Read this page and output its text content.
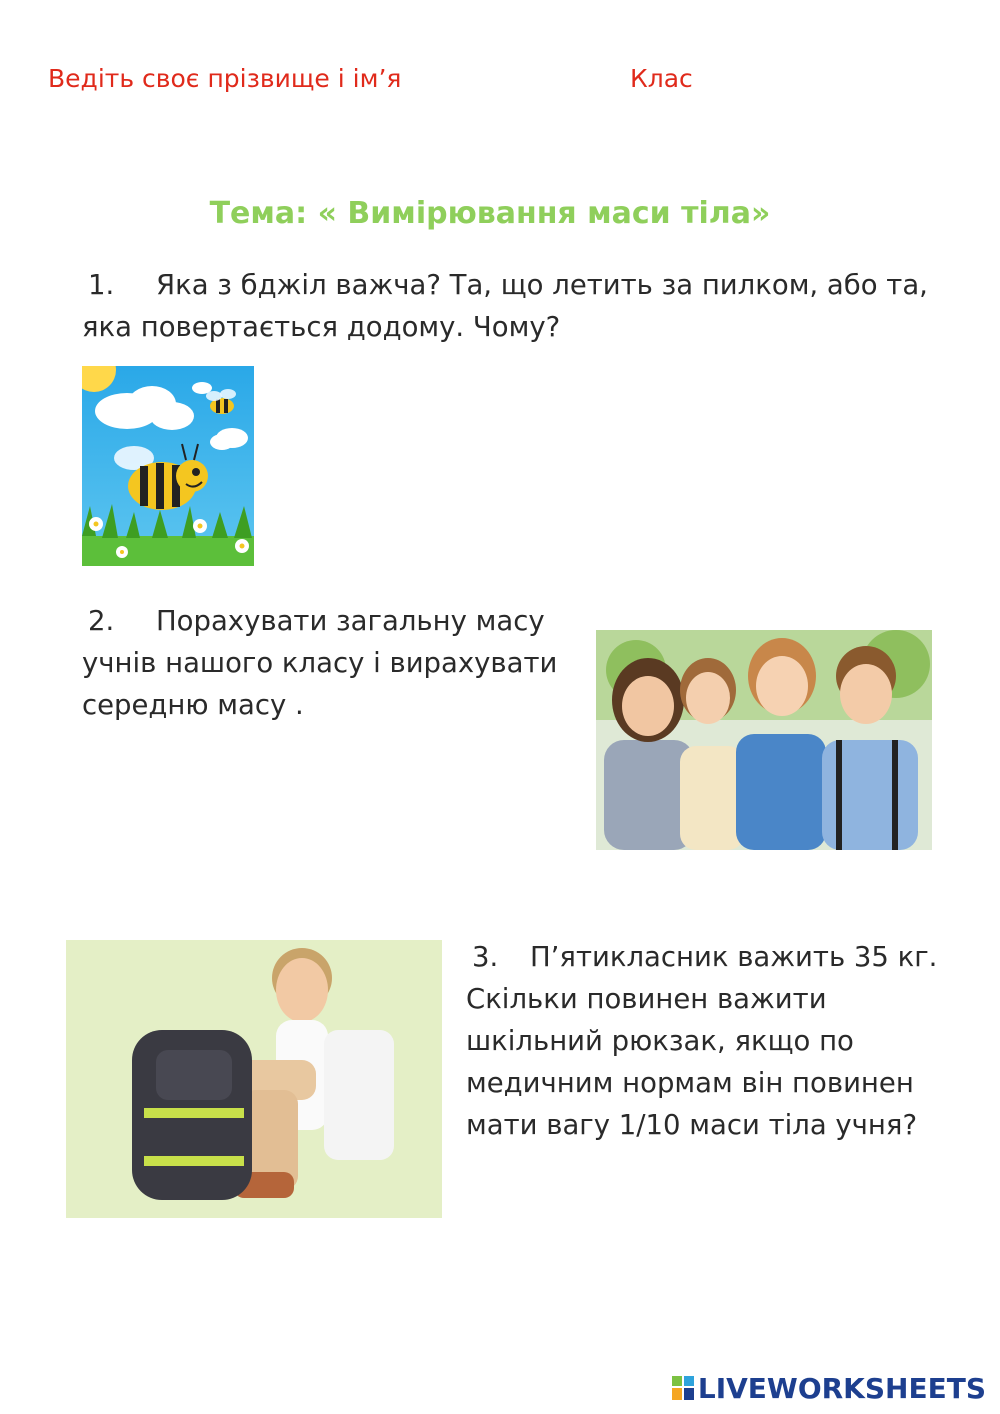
Ведіть своє прізвище і ім’я	Клас
Тема: « Вимірювання маси тіла»
1. Яка з бджіл важча? Та, що летить за пилком, або та,
яка повертається додому. Чому?
2. Порахувати загальну масу
учнів нашого класу і вирахувати
середню масу .
3. П’ятикласник важить 35 кг.
Скільки повинен важити
шкільний рюкзак, якщо по
медичним нормам він повинен
мати вагу 1/10 маси тіла учня?
LIVEWORKSHEETS
